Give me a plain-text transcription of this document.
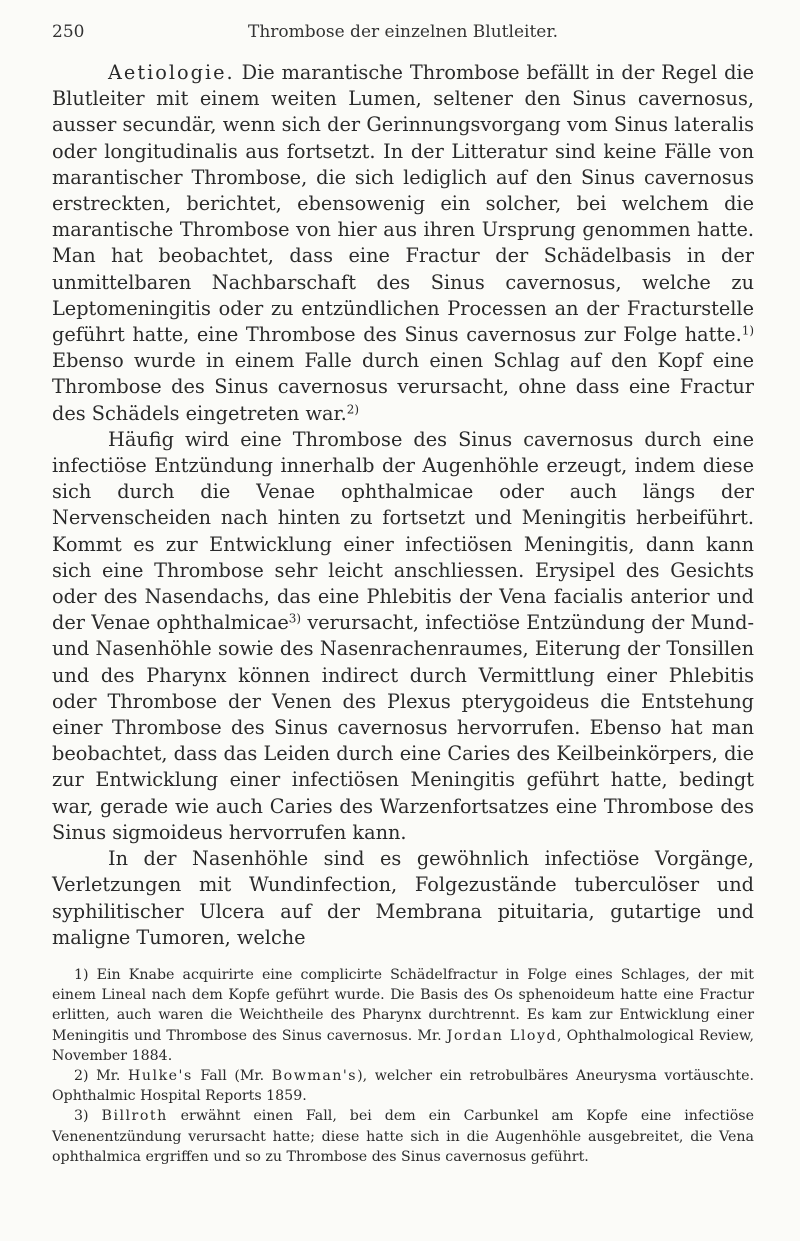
250	Thrombose der einzelnen Blutleiter.

Aetiologie. Die marantische Thrombose befällt in der Regel die Blutleiter mit einem weiten Lumen, seltener den Sinus cavernosus, ausser secundär, wenn sich der Gerinnungsvorgang vom Sinus lateralis oder longitudinalis aus fortsetzt. In der Litteratur sind keine Fälle von marantischer Thrombose, die sich lediglich auf den Sinus cavernosus erstreckten, berichtet, ebensowenig ein solcher, bei welchem die marantische Thrombose von hier aus ihren Ursprung genommen hatte. Man hat beobachtet, dass eine Fractur der Schädelbasis in der unmittelbaren Nachbarschaft des Sinus cavernosus, welche zu Leptomeningitis oder zu entzündlichen Processen an der Fracturstelle geführt hatte, eine Thrombose des Sinus cavernosus zur Folge hatte.$^{1)}$ Ebenso wurde in einem Falle durch einen Schlag auf den Kopf eine Thrombose des Sinus cavernosus verursacht, ohne dass eine Fractur des Schädels eingetreten war.$^{2)}$

Häufig wird eine Thrombose des Sinus cavernosus durch eine infectiöse Entzündung innerhalb der Augenhöhle erzeugt, indem diese sich durch die Venae ophthalmicae oder auch längs der Nervenscheiden nach hinten zu fortsetzt und Meningitis herbeiführt. Kommt es zur Entwicklung einer infectiösen Meningitis, dann kann sich eine Thrombose sehr leicht anschliessen. Erysipel des Gesichts oder des Nasendachs, das eine Phlebitis der Vena facialis anterior und der Venae ophthalmicae$^{3)}$ verursacht, infectiöse Entzündung der Mund- und Nasenhöhle sowie des Nasenrachenraumes, Eiterung der Tonsillen und des Pharynx können indirect durch Vermittlung einer Phlebitis oder Thrombose der Venen des Plexus pterygoideus die Entstehung einer Thrombose des Sinus cavernosus hervorrufen. Ebenso hat man beobachtet, dass das Leiden durch eine Caries des Keilbeinkörpers, die zur Entwicklung einer infectiösen Meningitis geführt hatte, bedingt war, gerade wie auch Caries des Warzenfortsatzes eine Thrombose des Sinus sigmoideus hervorrufen kann.

In der Nasenhöhle sind es gewöhnlich infectiöse Vorgänge, Verletzungen mit Wundinfection, Folgezustände tuberculöser und syphilitischer Ulcera auf der Membrana pituitaria, gutartige und maligne Tumoren, welche

1) Ein Knabe acquirirte eine complicirte Schädelfractur in Folge eines Schlages, der mit einem Lineal nach dem Kopfe geführt wurde. Die Basis des Os sphenoideum hatte eine Fractur erlitten, auch waren die Weichtheile des Pharynx durchtrennt. Es kam zur Entwicklung einer Meningitis und Thrombose des Sinus cavernosus. Mr. Jordan Lloyd, Ophthalmological Review, November 1884.

2) Mr. Hulke's Fall (Mr. Bowman's), welcher ein retrobulbäres Aneurysma vortäuschte. Ophthalmic Hospital Reports 1859.

3) Billroth erwähnt einen Fall, bei dem ein Carbunkel am Kopfe eine infectiöse Venenentzündung verursacht hatte; diese hatte sich in die Augenhöhle ausgebreitet, die Vena ophthalmica ergriffen und so zu Thrombose des Sinus cavernosus geführt.
